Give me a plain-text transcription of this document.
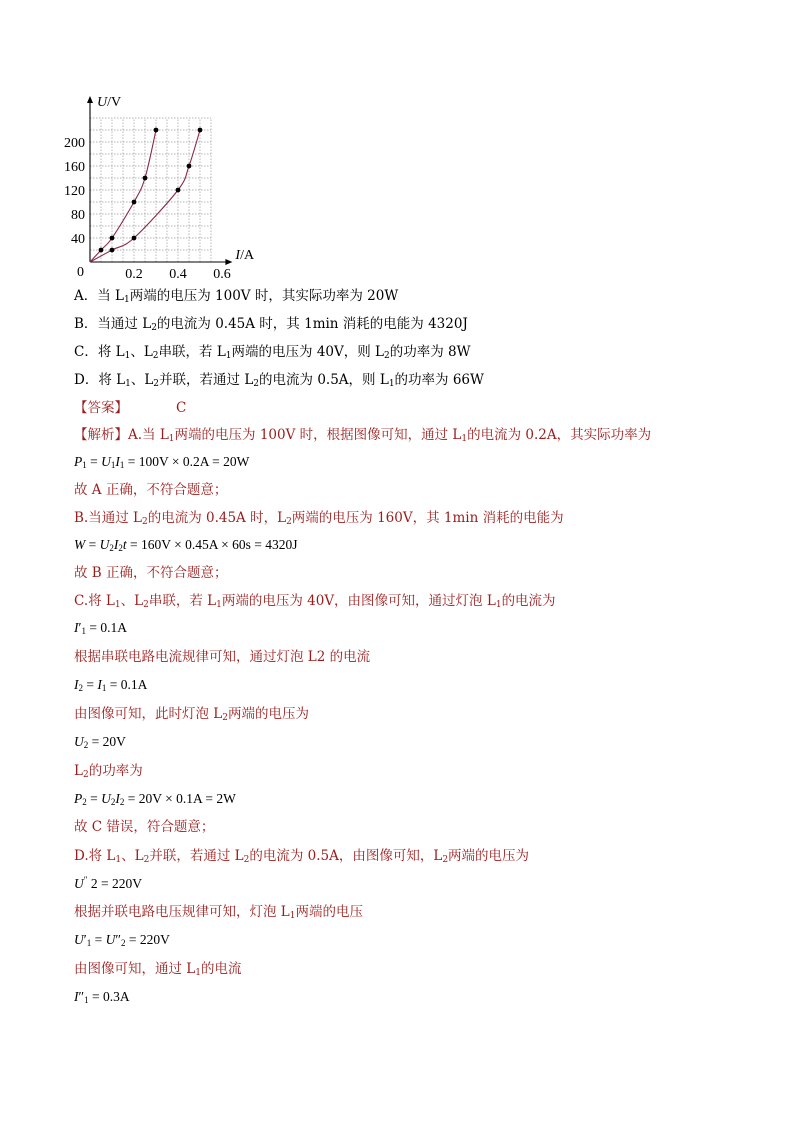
0.2 0.4 0.6
40
80
120
160
200
0
I/A
U/V
A．当 $L_1$两端的电压为 100V 时，其实际功率为 20W
B．当通过 $L_2$的电流为 0.45A 时，其 1min 消耗的电能为 4320J
C．将 $L_1$、$L_2$串联，若 $L_1$两端的电压为 40V，则 $L_2$的功率为 8W
D．将 $L_1$、$L_2$并联，若通过 $L_2$的电流为 0.5A，则 $L_1$的功率为 66W
【答案】	C
【解析】A.当 $L_1$两端的电压为 100V 时，根据图像可知，通过 $L_1$的电流为 0.2A，其实际功率为
$P_1 = U_1I_1 = 100V \times 0.2A = 20W$
故 A 正确，不符合题意；
B.当通过 $L_2$的电流为 0.45A 时，$L_2$两端的电压为 160V，其 1min 消耗的电能为
$W = U_2I_2t = 160V \times 0.45A \times 60s = 4320J$
故 B 正确，不符合题意；
C.将 $L_1$、$L_2$串联，若 $L_1$两端的电压为 40V，由图像可知，通过灯泡 $L_1$的电流为
$I'_1 = 0.1A$
根据串联电路电流规律可知，通过灯泡 L2 的电流
$I_2 = I_1 = 0.1A$
由图像可知，此时灯泡 $L_2$两端的电压为
$U_2 = 20V$
$L_2$的功率为
$P_2 = U_2I_2 = 20V \times 0.1A = 2W$
故 C 错误，符合题意；
D.将 $L_1$、$L_2$并联，若通过 $L_2$的电流为 0.5A，由图像可知，$L_2$两端的电压为
U″ 2 = 220V
根据并联电路电压规律可知，灯泡 $L_1$两端的电压
$U'_1 = U''_2 = 220V$
由图像可知，通过 $L_1$的电流
$I''_1 = 0.3A$
